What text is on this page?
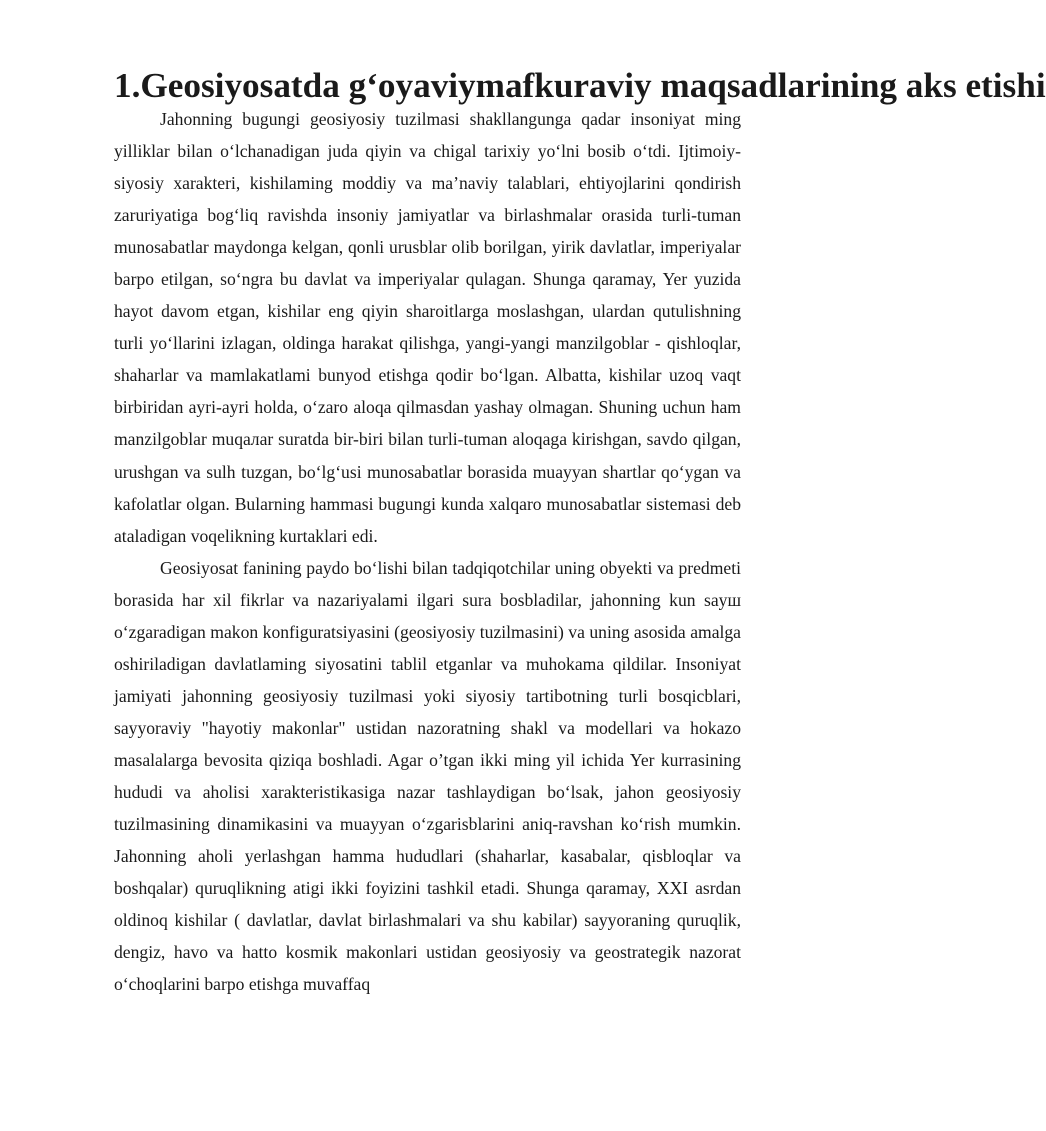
1.Geosiyosatda g‘oyaviymafkuraviy maqsadlarining aks etishi

Jahonning bugungi geosiyosiy tuzilmasi shakllangunga qadar insoniyat ming yilliklar bilan o‘lchanadigan juda qiyin va chigal tarixiy yo‘lni bosib o‘tdi. Ijtimoiy-siyosiy xarakteri, kishilaming moddiy va ma’naviy talablari, ehtiyojlarini qondirish zaruriyatiga bog‘liq ravishda insoniy jamiyatlar va birlashmalar orasida turli-tuman munosabatlar maydonga kelgan, qonli urusblar olib borilgan, yirik davlatlar, imperiyalar barpo etilgan, so‘ngra bu davlat va imperiyalar qulagan. Shunga qaramay, Yer yuzida hayot davom etgan, kishilar eng qiyin sharoitlarga moslashgan, ulardan qutulishning turli yo‘llarini izlagan, oldinga harakat qilishga, yangi-yangi manzilgoblar - qishloqlar, shaharlar va mamlakatlami bunyod etishga qodir bo‘lgan. Albatta, kishilar uzoq vaqt birbiridan ayri-ayri holda, o‘zaro aloqa qilmasdan yashay olmagan. Shuning uchun ham manzilgoblar muqaлar suratda bir-biri bilan turli-tuman aloqaga kirishgan, savdo qilgan, urushgan va sulh tuzgan, bo‘lg‘usi munosabatlar borasida muayyan shartlar qo‘ygan va kafolatlar olgan. Bularning hammasi bugungi kunda xalqaro munosabatlar sistemasi deb ataladigan voqelikning kurtaklari edi.

Geosiyosat fanining paydo bo‘lishi bilan tadqiqotchilar uning obyekti va predmeti borasida har xil fikrlar va nazariyalami ilgari sura bosbladilar, jahonning kun sayш o‘zgaradigan makon konfiguratsiyasini (geosiyosiy tuzilmasini) va uning asosida amalga oshiriladigan davlatlaming siyosatini tablil etganlar va muhokama qildilar. Insoniyat jamiyati jahonning geosiyosiy tuzilmasi yoki siyosiy tartibotning turli bosqicblari, sayyoraviy "hayotiy makonlar" ustidan nazoratning shakl va modellari va hokazo masalalarga bevosita qiziqa boshladi. Agar o’tgan ikki ming yil ichida Yer kurrasining hududi va aholisi xarakteristikasiga nazar tashlaydigan bo‘lsak, jahon geosiyosiy tuzilmasining dinamikasini va muayyan o‘zgarisblarini aniq-ravshan ko‘rish mumkin. Jahonning aholi yerlashgan hamma hududlari (shaharlar, kasabalar, qisbloqlar va boshqalar) quruqlikning atigi ikki foyizini tashkil etadi. Shunga qaramay, XXI asrdan oldinoq kishilar ( davlatlar, davlat birlashmalari va shu kabilar) sayyoraning quruqlik, dengiz, havo va hatto kosmik makonlari ustidan geosiyosiy va geostrategik nazorat o‘choqlarini barpo etishga muvaffaq
